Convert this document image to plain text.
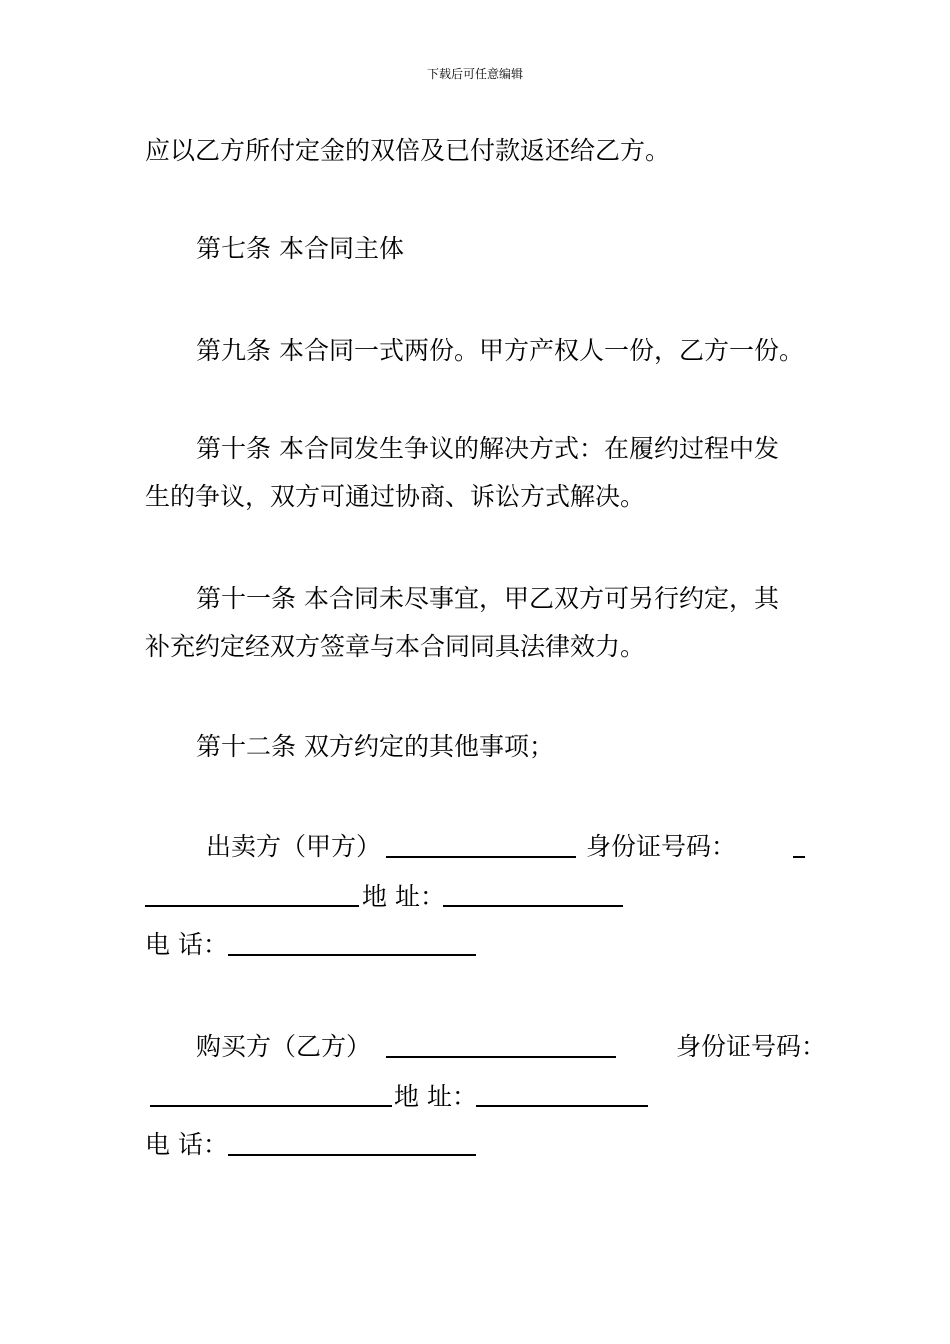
下载后可任意编辑
应以乙方所付定金的双倍及已付款返还给乙方。
第七条 本合同主体
第九条 本合同一式两份。甲方产权人一份，乙方一份。
第十条 本合同发生争议的解决方式：在履约过程中发
生的争议，双方可通过协商、诉讼方式解决。
第十一条 本合同未尽事宜，甲乙双方可另行约定，其
补充约定经双方签章与本合同同具法律效力。
第十二条 双方约定的其他事项；
出卖方（甲方）	身份证号码：
地 址：
电 话：
购买方（乙方）	身份证号码：
地 址：
电 话：
